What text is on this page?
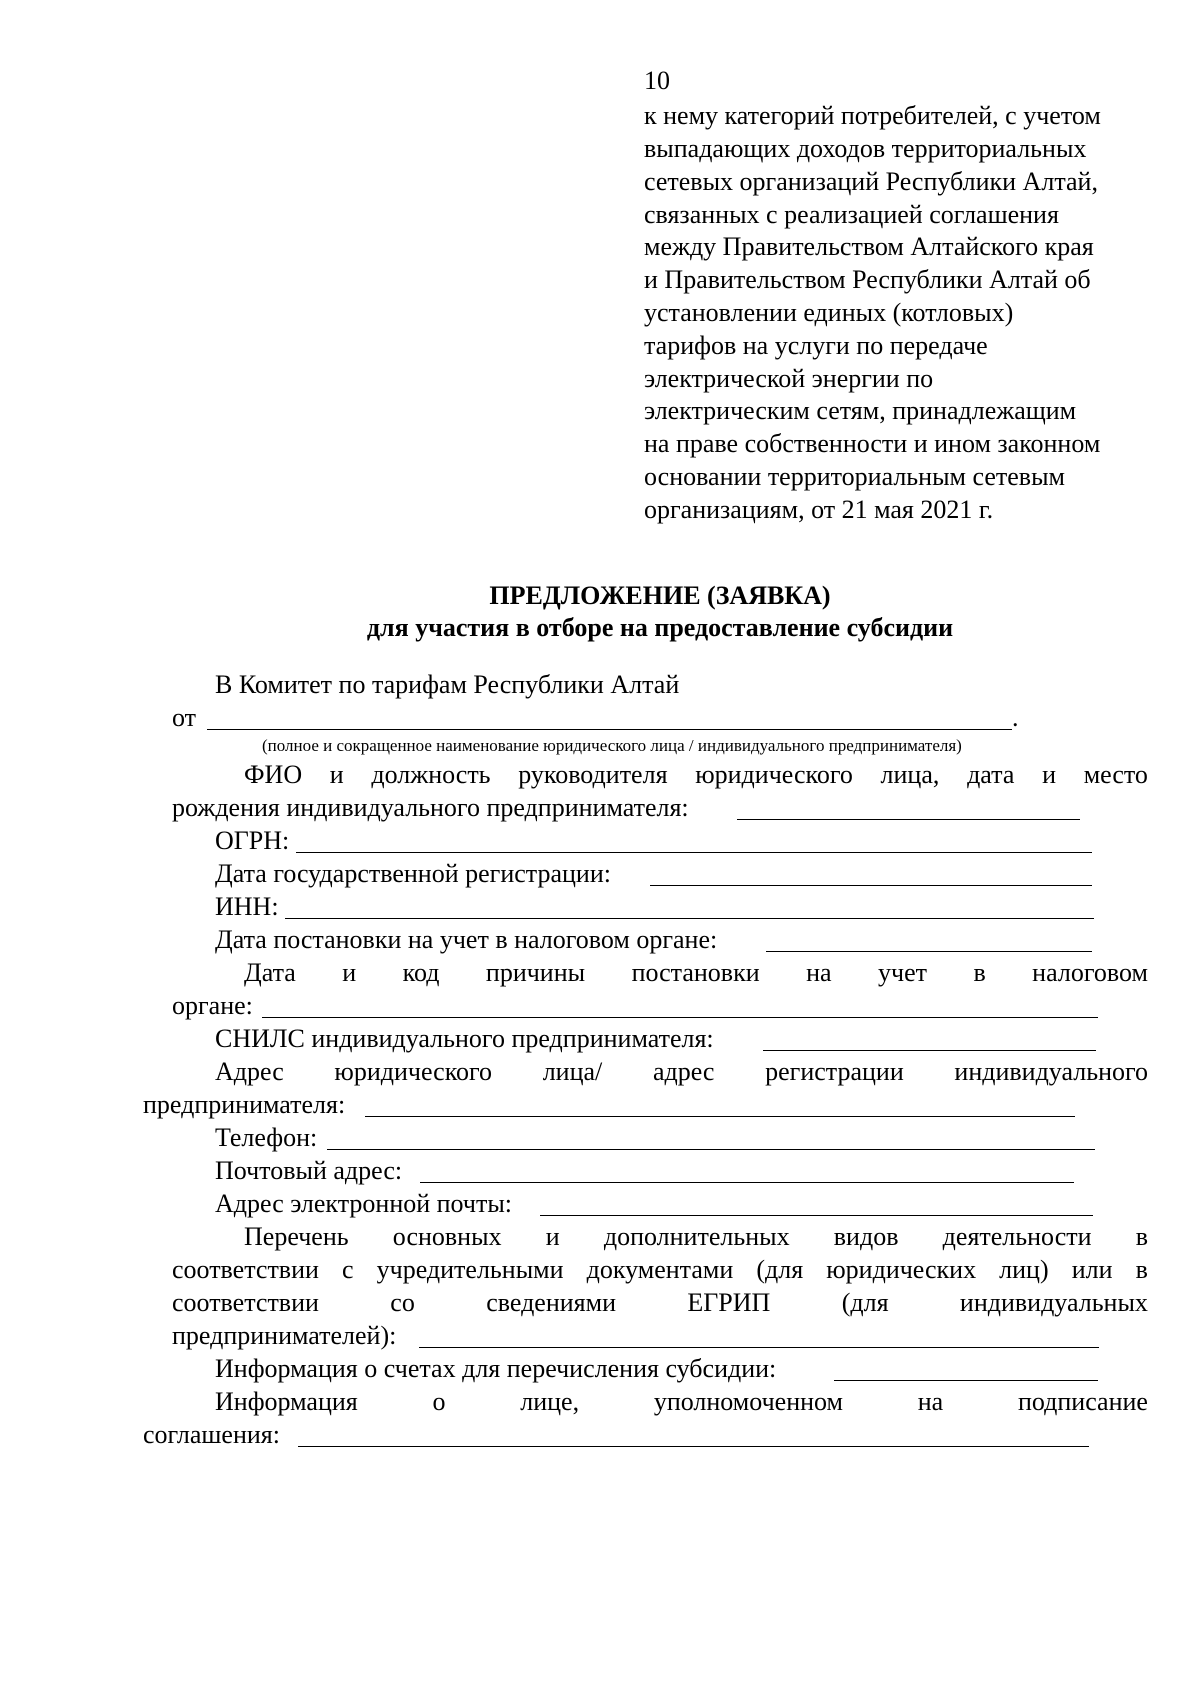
10
к нему категорий потребителей, с учетом
выпадающих доходов территориальных
сетевых организаций Республики Алтай,
связанных с реализацией соглашения
между Правительством Алтайского края
и Правительством Республики Алтай об
установлении единых (котловых)
тарифов на услуги по передаче
электрической энергии по
электрическим сетям, принадлежащим
на праве собственности и ином законном
основании территориальным сетевым
организациям, от 21 мая 2021 г.
ПРЕДЛОЖЕНИЕ (ЗАЯВКА)
для участия в отборе на предоставление субсидии
В Комитет по тарифам Республики Алтай
от	.
(полное и сокращенное наименование юридического лица / индивидуального предпринимателя)
ФИО и должность руководителя юридического лица, дата и место
рождения индивидуального предпринимателя:
ОГРН:
Дата государственной регистрации:
ИНН:
Дата постановки на учет в налоговом органе:
Дата и код причины постановки на учет в налоговом
органе:
СНИЛС индивидуального предпринимателя:
Адрес юридического лица/ адрес регистрации индивидуального
предпринимателя:
Телефон:
Почтовый адрес:
Адрес электронной почты:
Перечень основных и дополнительных видов деятельности в
соответствии с учредительными документами (для юридических лиц) или в
соответствии	со	сведениями	ЕГРИП	(для	индивидуальных
предпринимателей):
Информация о счетах для перечисления субсидии:
Информация	о	лице,	уполномоченном	на	подписание
соглашения:
